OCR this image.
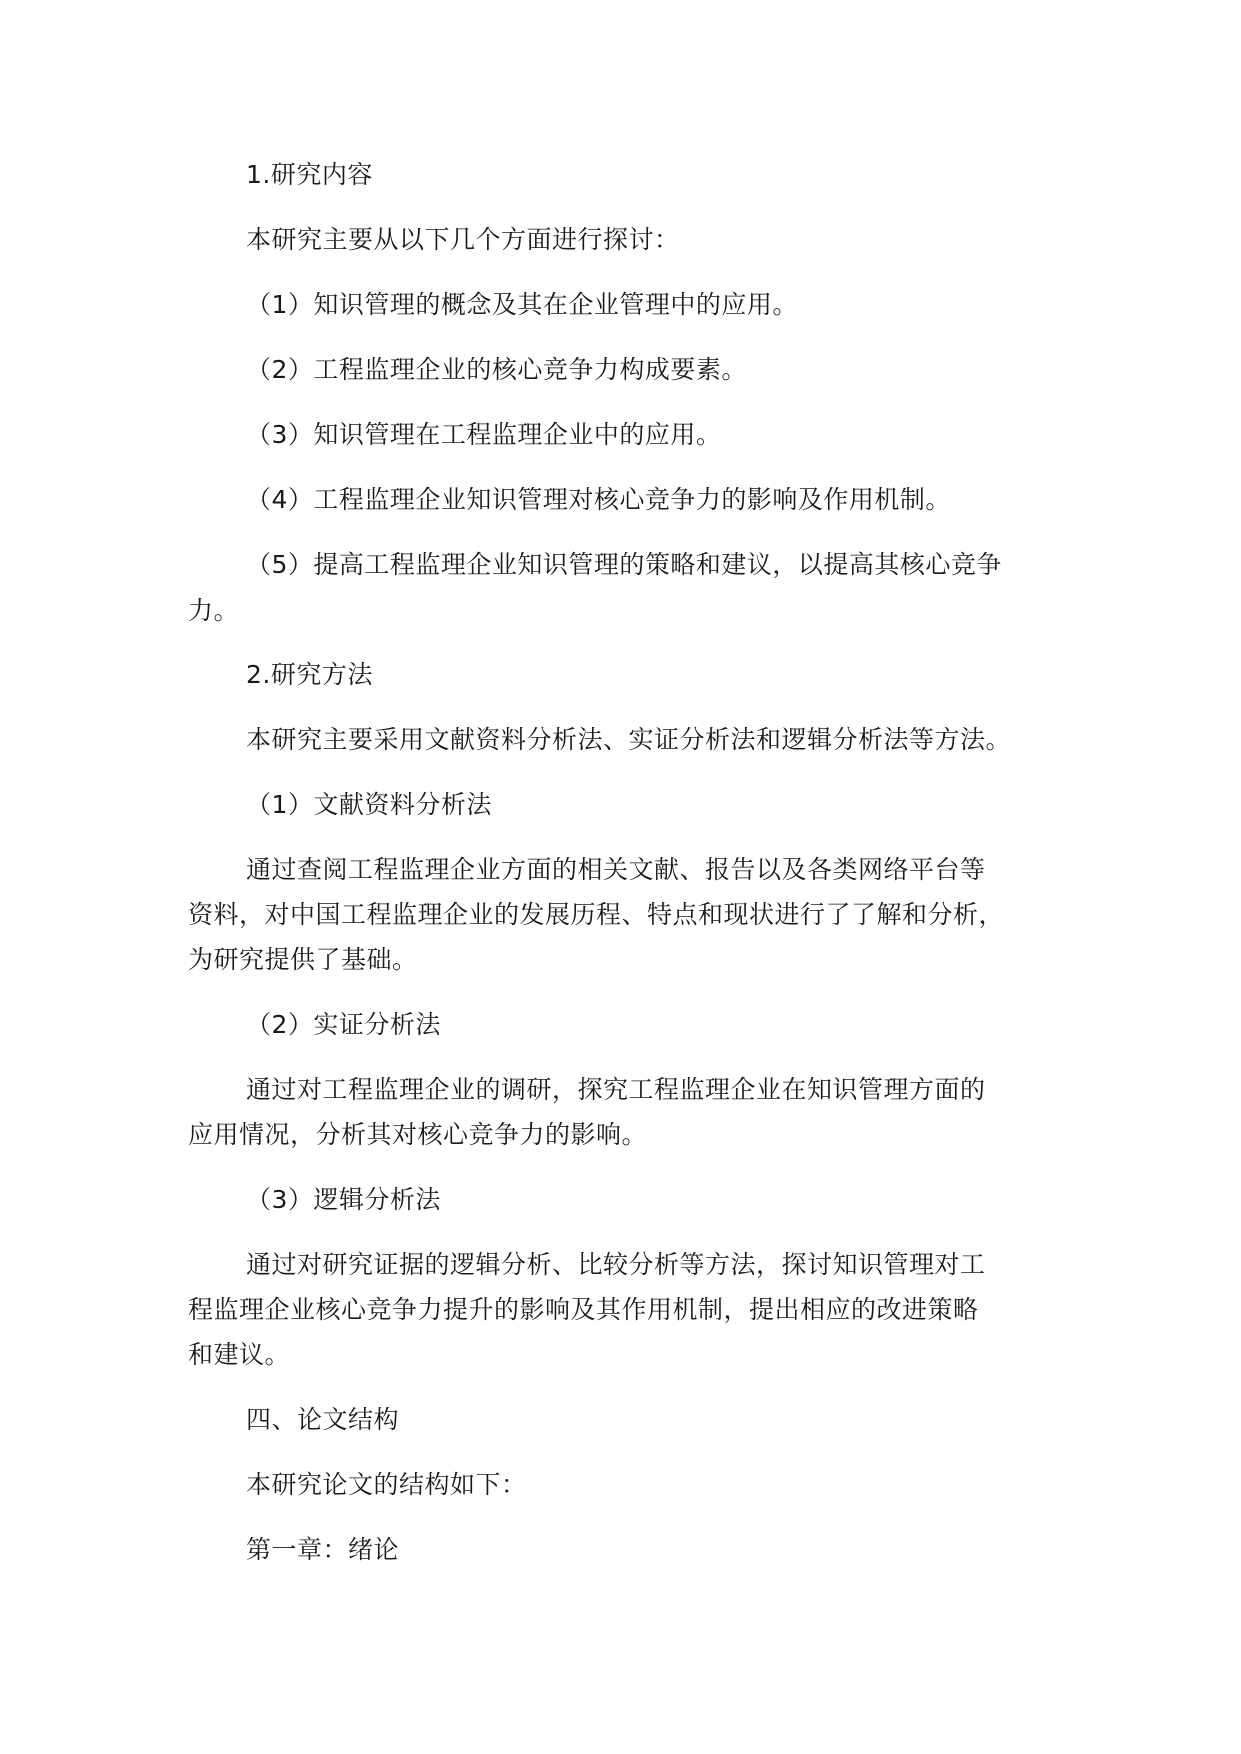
1.研究内容
本研究主要从以下几个方面进行探讨：
（1）知识管理的概念及其在企业管理中的应用。
（2）工程监理企业的核心竞争力构成要素。
（3）知识管理在工程监理企业中的应用。
（4）工程监理企业知识管理对核心竞争力的影响及作用机制。
（5）提高工程监理企业知识管理的策略和建议，以提高其核心竞争
力。
2.研究方法
本研究主要采用文献资料分析法、实证分析法和逻辑分析法等方法。
（1）文献资料分析法
通过查阅工程监理企业方面的相关文献、报告以及各类网络平台等
资料，对中国工程监理企业的发展历程、特点和现状进行了了解和分析，
为研究提供了基础。
（2）实证分析法
通过对工程监理企业的调研，探究工程监理企业在知识管理方面的
应用情况，分析其对核心竞争力的影响。
（3）逻辑分析法
通过对研究证据的逻辑分析、比较分析等方法，探讨知识管理对工
程监理企业核心竞争力提升的影响及其作用机制，提出相应的改进策略
和建议。
四、论文结构
本研究论文的结构如下：
第一章：绪论
